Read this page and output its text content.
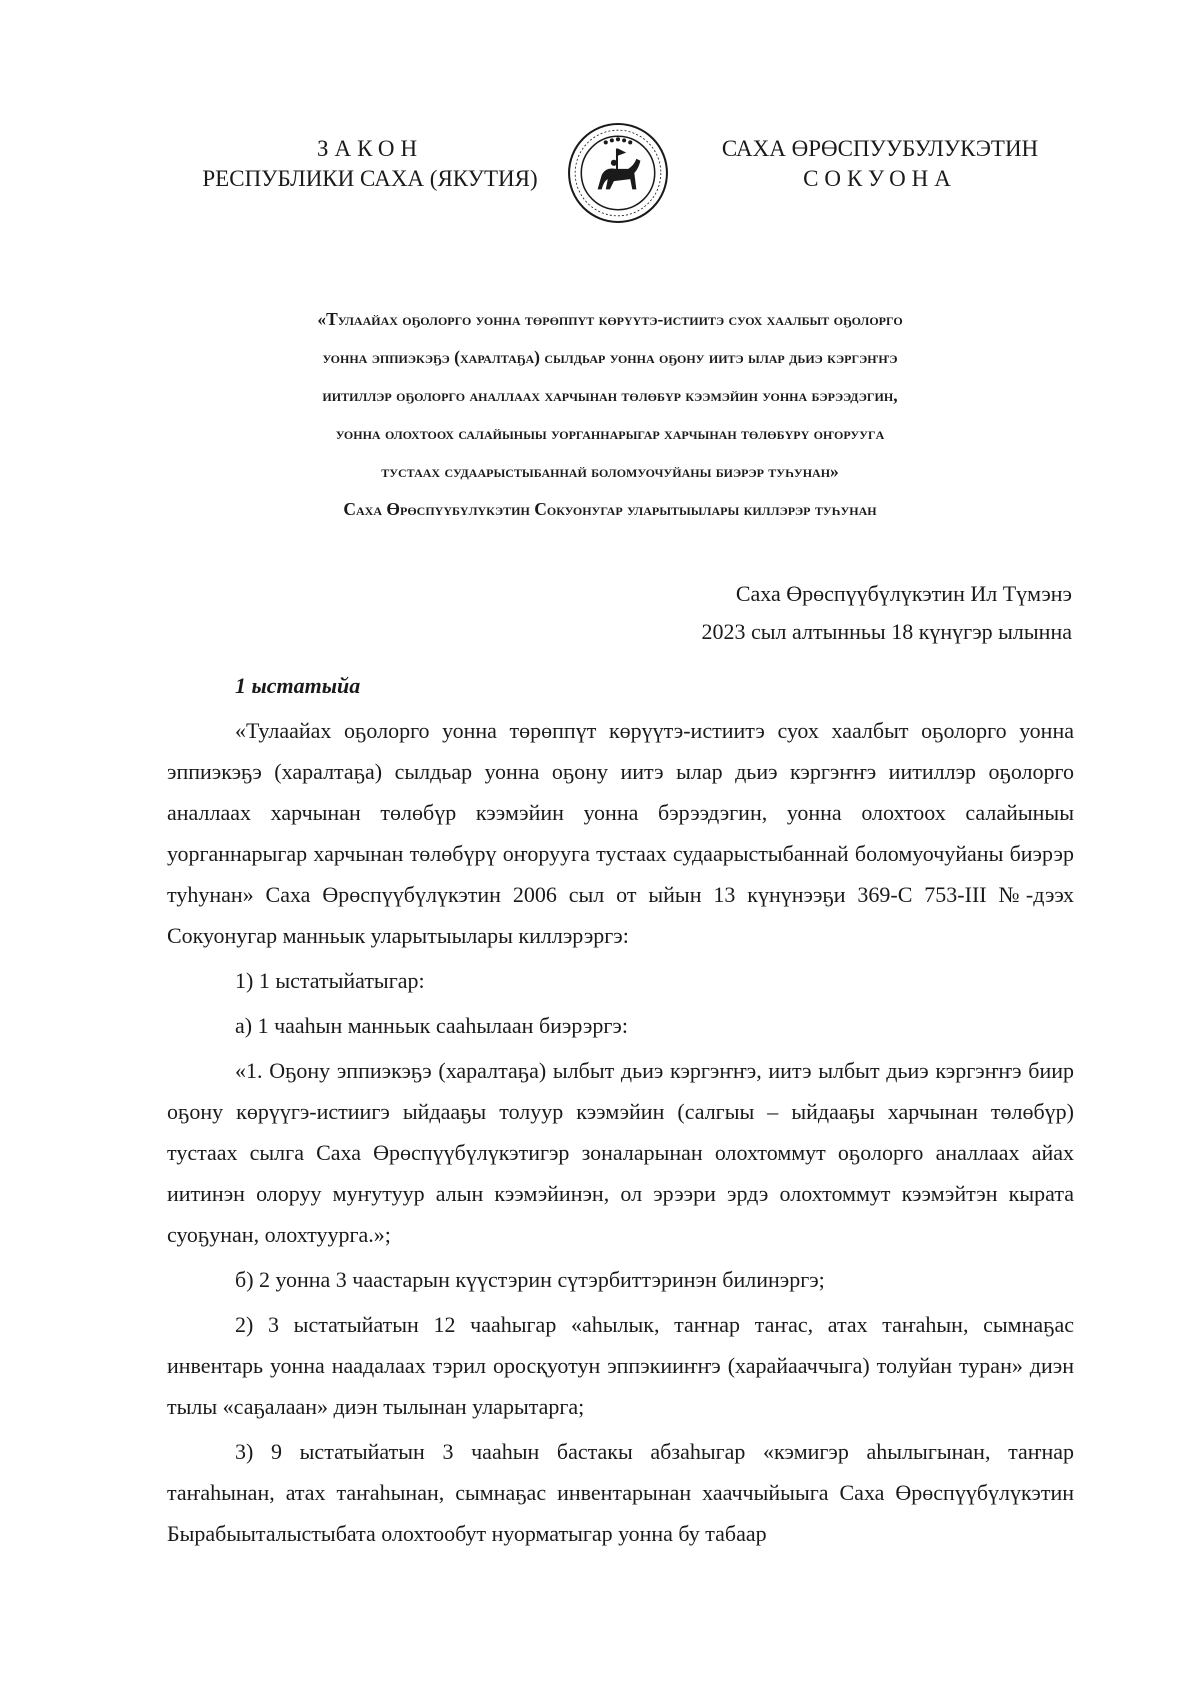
ЗАКОН
РЕСПУБЛИКИ САХА (ЯКУТИЯ)
САХА ӨРӨСПУУБУЛУКЭТИН
СОКУОНА
«Тулаайах оҕолорго уонна төрөппүт көрүүтэ-истиитэ суох хаалбыт оҕолорго
уонна эппиэкэҕэ (харалтаҕа) сылдьар уонна оҕону иитэ ылар дьиэ кэргэҥҥэ
иитиллэр оҕолорго аналлаах харчынан төлөбүр кээмэйин уонна бэрээдэгин,
уонна олохтоох салайыныы уорганнарыгар харчынан төлөбүрү оҥоруугa
тустаах судаарыстыбаннай боломуочуйаны биэрэр туһунан»
Саха Өрөспүүбүлүкэтин Сокуонугар уларытыылары киллэрэр туһунан
Саха Өрөспүүбүлүкэтин Ил Түмэнэ
2023 сыл алтынньы 18 күнүгэр ылынна
1 ыстатыйа

«Тулаайах оҕолорго уонна төрөппүт көрүүтэ-истиитэ суох хаалбыт оҕолорго уонна эппиэкэҕэ (харалтаҕа) сылдьар уонна оҕону иитэ ылар дьиэ кэргэҥҥэ иитиллэр оҕолорго аналлаах харчынан төлөбүр кээмэйин уонна бэрээдэгин, уонна олохтоох салайыныы уорганнарыгар харчынан төлөбүрү оҥоруугa тустаах судаарыстыбаннай боломуочуйаны биэрэр туһунан» Саха Өрөспүүбүлүкэтин 2006 сыл от ыйын 13 күнүнээҕи 369-С 753-III №-дээх Сокуонугар манньык уларытыылары киллэрэргэ:

1) 1 ыстатыйатыгар:

а) 1 чааһын манньык сааһылаан биэрэргэ:

«1. Оҕону эппиэкэҕэ (харалтаҕа) ылбыт дьиэ кэргэҥҥэ, иитэ ылбыт дьиэ кэргэҥҥэ биир оҕону көрүүгэ-истиигэ ыйдааҕы толуур кээмэйин (салгыы – ыйдааҕы харчынан төлөбүр) тустаах сылга Саха Өрөспүүбүлүкэтигэр зоналарынан олохтоммут оҕолорго аналлаах айах иитинэн олоруу муҥутуур алын кээмэйинэн, ол эрээри эрдэ олохтоммут кээмэйтэн кырата суоҕунан, олохтуурга.»;

б) 2 уонна 3 чаастарын күүстэрин сүтэрбиттэринэн билинэргэ;

2) 3 ыстатыйатын 12 чааһыгар «аһылык, таҥнар таҥас, атах таҥаһын, сымнаҕас инвентарь уонна наадалаах тэрил оросқуотун эппэкииҥҥэ (харайааччыга) толуйан туран» диэн тылы «саҕалаан» диэн тылынан уларытарга;

3) 9 ыстатыйатын 3 чааһын бастакы абзаһыгар «кэмигэр аһылыгынан, таҥнар таҥаһынан, атах таҥаһынан, сымнаҕас инвентарынан хааччыйыыга Саха Өрөспүүбүлүкэтин Бырабыыталыстыбата олохтообут нуорматыгар уонна бу табаар
